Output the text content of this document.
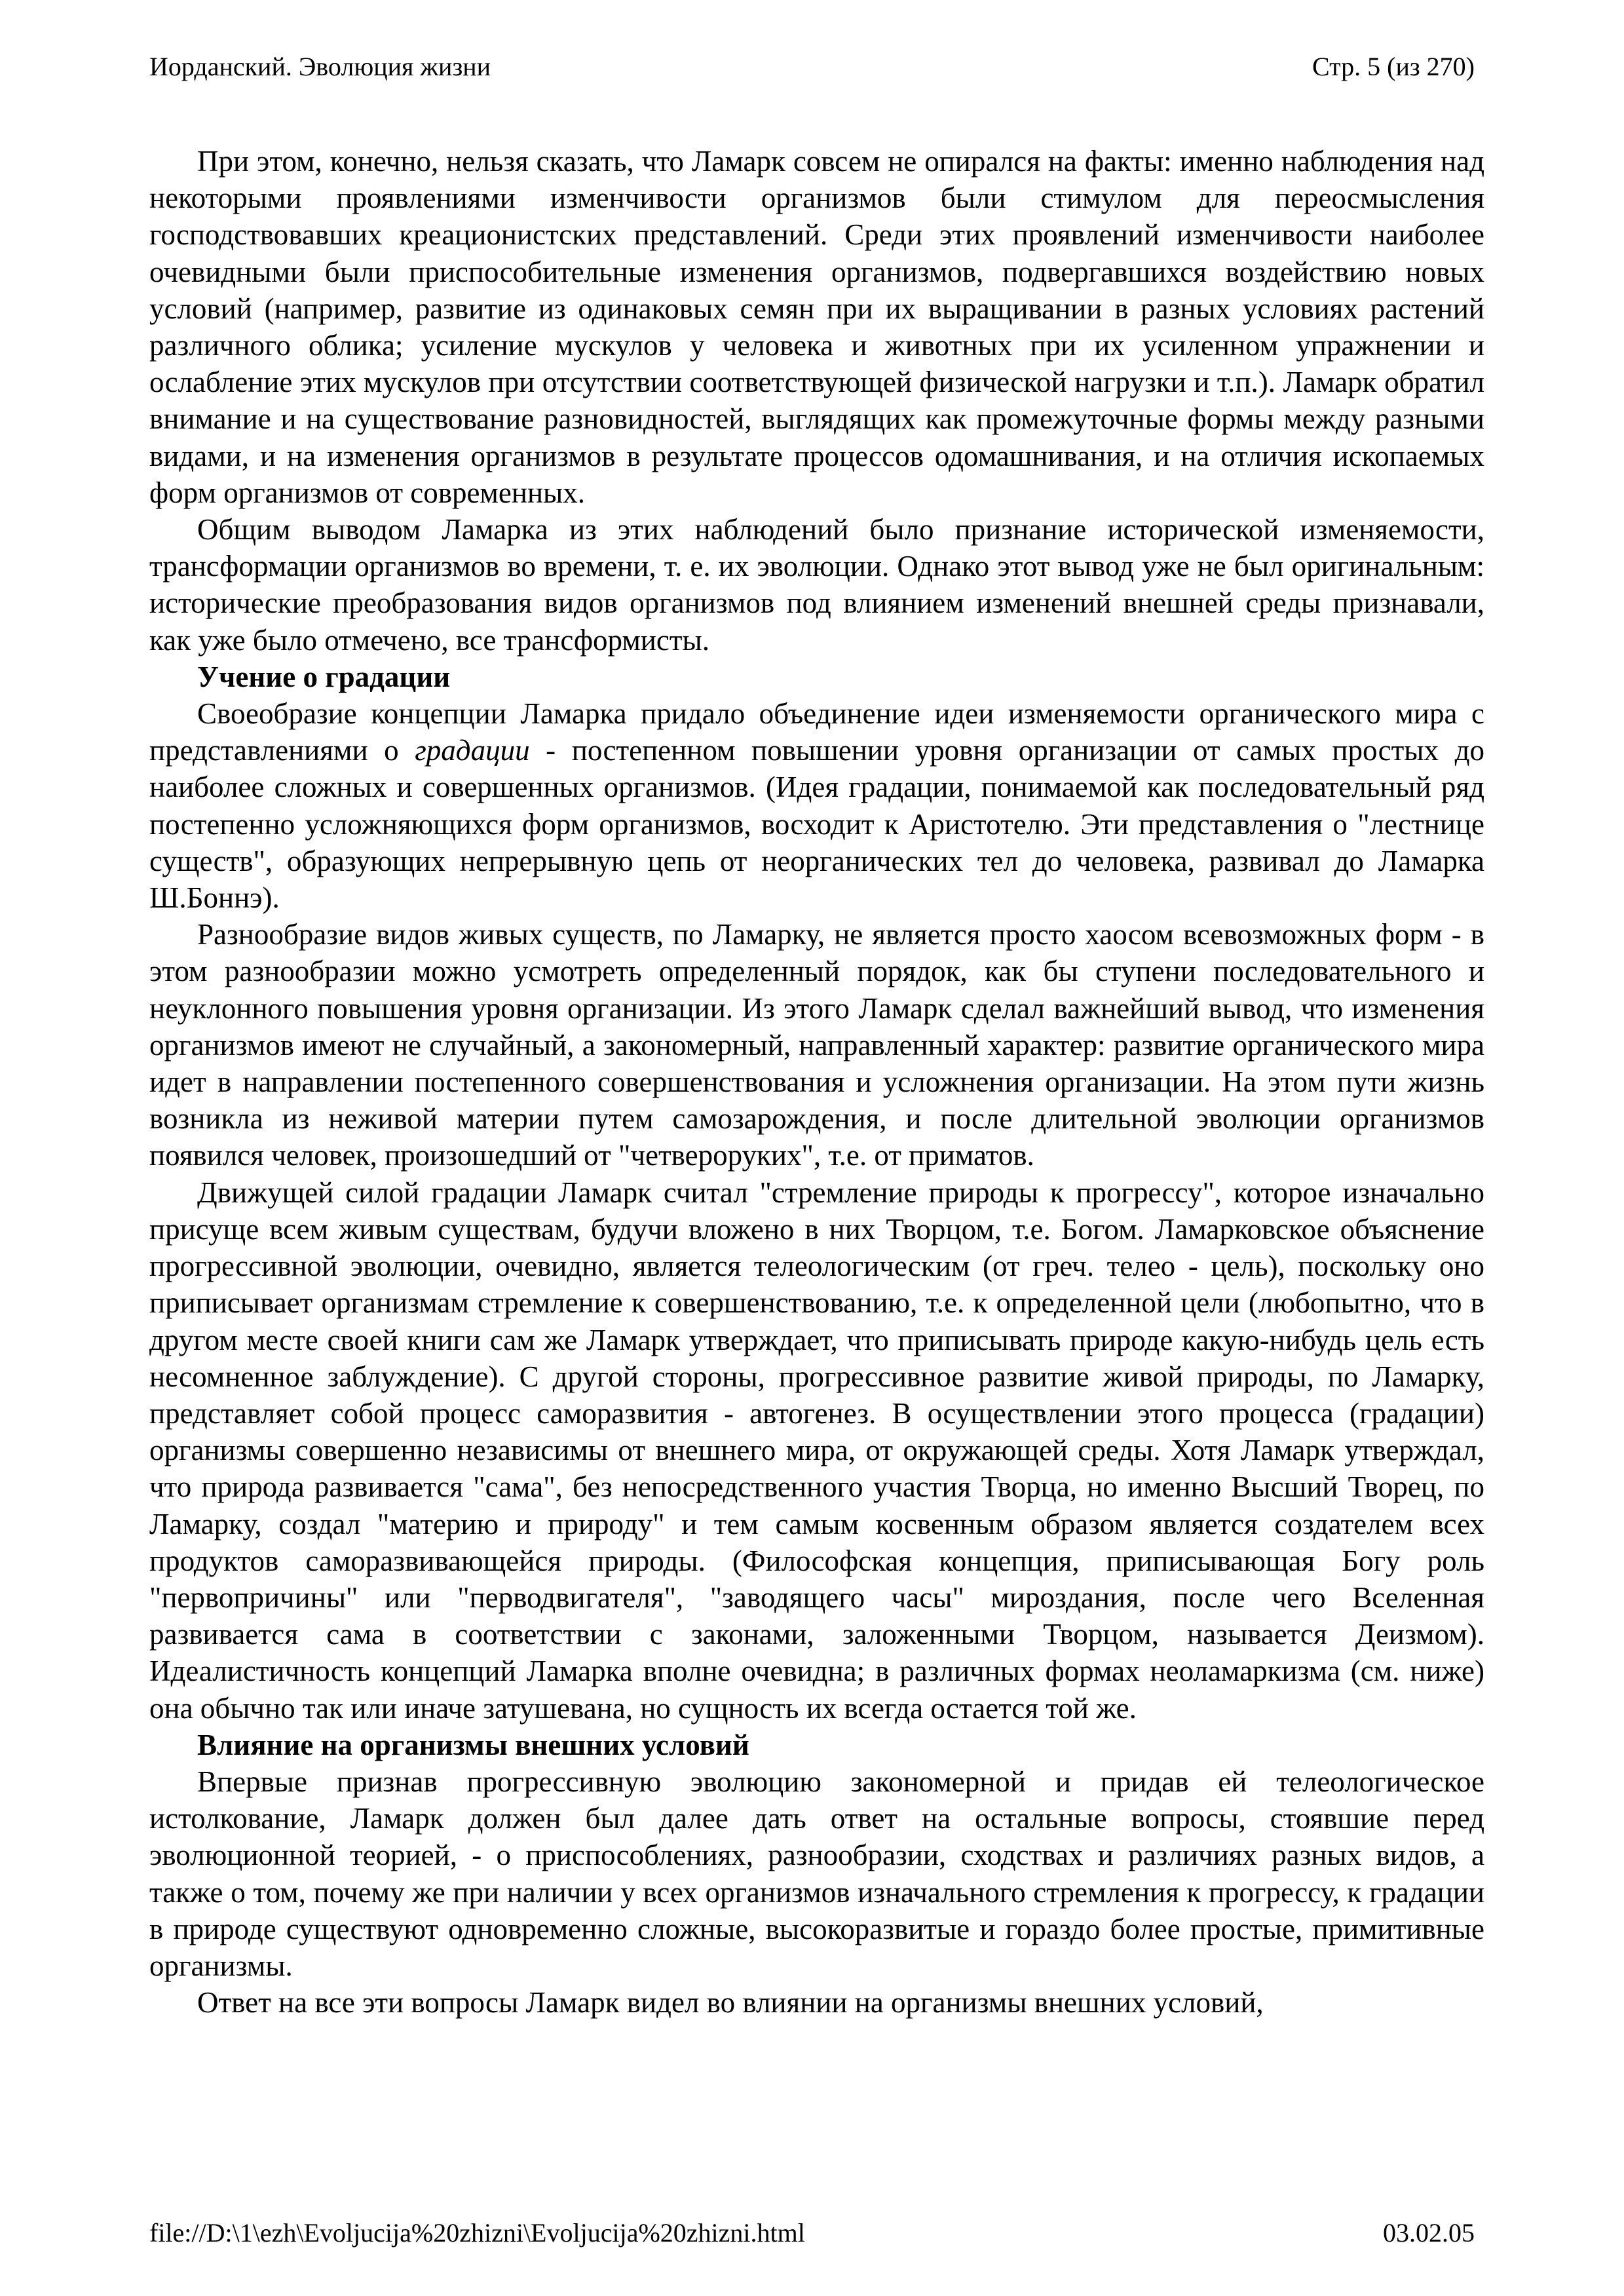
Иорданский. Эволюция жизни	Стр. 5 (из 270)

При этом, конечно, нельзя сказать, что Ламарк совсем не опирался на факты: именно наблюдения над некоторыми проявлениями изменчивости организмов были стимулом для переосмысления господствовавших креационистских представлений. Среди этих проявлений изменчивости наиболее очевидными были приспособительные изменения организмов, подвергавшихся воздействию новых условий (например, развитие из одинаковых семян при их выращивании в разных условиях растений различного облика; усиление мускулов у человека и животных при их усиленном упражнении и ослабление этих мускулов при отсутствии соответствующей физической нагрузки и т.п.). Ламарк обратил внимание и на существование разновидностей, выглядящих как промежуточные формы между разными видами, и на изменения организмов в результате процессов одомашнивания, и на отличия ископаемых форм организмов от современных.

Общим выводом Ламарка из этих наблюдений было признание исторической изменяемости, трансформации организмов во времени, т. е. их эволюции. Однако этот вывод уже не был оригинальным: исторические преобразования видов организмов под влиянием изменений внешней среды признавали, как уже было отмечено, все трансформисты.

Учение о градации

Своеобразие концепции Ламарка придало объединение идеи изменяемости органического мира с представлениями о градации - постепенном повышении уровня организации от самых простых до наиболее сложных и совершенных организмов. (Идея градации, понимаемой как последовательный ряд постепенно усложняющихся форм организмов, восходит к Аристотелю. Эти представления о "лестнице существ", образующих непрерывную цепь от неорганических тел до человека, развивал до Ламарка Ш.Боннэ).

Разнообразие видов живых существ, по Ламарку, не является просто хаосом всевозможных форм - в этом разнообразии можно усмотреть определенный порядок, как бы ступени последовательного и неуклонного повышения уровня организации. Из этого Ламарк сделал важнейший вывод, что изменения организмов имеют не случайный, а закономерный, направленный характер: развитие органического мира идет в направлении постепенного совершенствования и усложнения организации. На этом пути жизнь возникла из неживой материи путем самозарождения, и после длительной эволюции организмов появился человек, произошедший от "четвероруких", т.е. от приматов.

Движущей силой градации Ламарк считал "стремление природы к прогрессу", которое изначально присуще всем живым существам, будучи вложено в них Творцом, т.е. Богом. Ламарковское объяснение прогрессивной эволюции, очевидно, является телеологическим (от греч. телео - цель), поскольку оно приписывает организмам стремление к совершенствованию, т.е. к определенной цели (любопытно, что в другом месте своей книги сам же Ламарк утверждает, что приписывать природе какую-нибудь цель есть несомненное заблуждение). С другой стороны, прогрессивное развитие живой природы, по Ламарку, представляет собой процесс саморазвития - автогенез. В осуществлении этого процесса (градации) организмы совершенно независимы от внешнего мира, от окружающей среды. Хотя Ламарк утверждал, что природа развивается "сама", без непосредственного участия Творца, но именно Высший Творец, по Ламарку, создал "материю и природу" и тем самым косвенным образом является создателем всех продуктов саморазвивающейся природы. (Философская концепция, приписывающая Богу роль "первопричины" или "перводвигателя", "заводящего часы" мироздания, после чего Вселенная развивается сама в соответствии с законами, заложенными Творцом, называется Деизмом). Идеалистичность концепций Ламарка вполне очевидна; в различных формах неоламаркизма (см. ниже) она обычно так или иначе затушевана, но сущность их всегда остается той же.

Влияние на организмы внешних условий

Впервые признав прогрессивную эволюцию закономерной и придав ей телеологическое истолкование, Ламарк должен был далее дать ответ на остальные вопросы, стоявшие перед эволюционной теорией, - о приспособлениях, разнообразии, сходствах и различиях разных видов, а также о том, почему же при наличии у всех организмов изначального стремления к прогрессу, к градации в природе существуют одновременно сложные, высокоразвитые и гораздо более простые, примитивные организмы.

Ответ на все эти вопросы Ламарк видел во влиянии на организмы внешних условий,

file://D:\1\ezh\Evoljucija%20zhizni\Evoljucija%20zhizni.html	03.02.05
